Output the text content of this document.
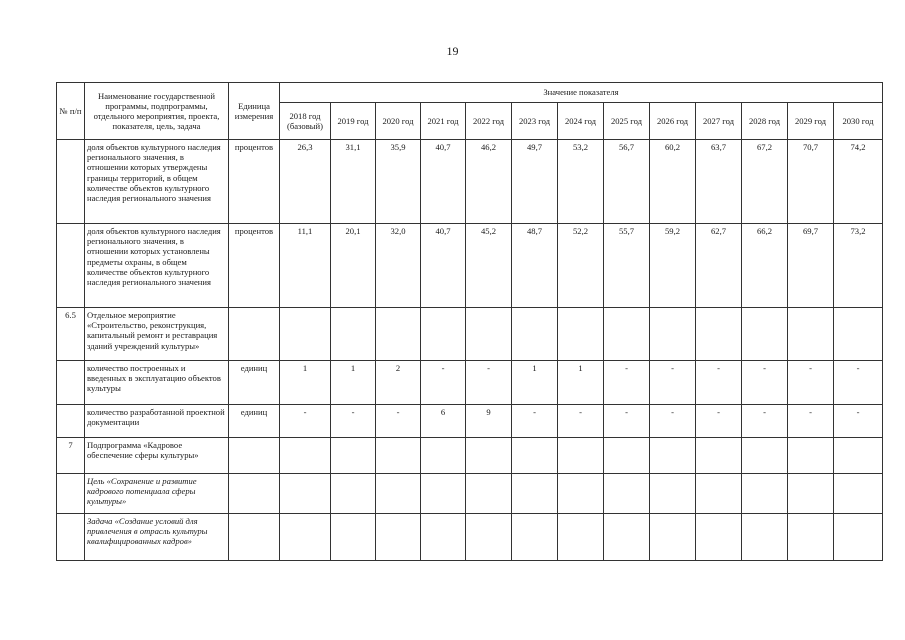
19
№ п/п	Наименование государственной программы, подпрограммы, отдельного мероприятия, проекта, показателя, цель, задача	Единица измерения	Значение показателя												
			2018 год (базовый)	2019 год	2020 год	2021 год	2022 год	2023 год	2024 год	2025 год	2026 год	2027 год	2028 год	2029 год	2030 год
	доля объектов культурного наследия регионального значения, в отношении которых утверждены границы территорий, в общем количестве объектов культурного наследия регионального значения	процентов	26,3	31,1	35,9	40,7	46,2	49,7	53,2	56,7	60,2	63,7	67,2	70,7	74,2
	доля объектов культурного наследия регионального значения, в отношении которых установлены предметы охраны, в общем количестве объектов культурного наследия регионального значения	процентов	11,1	20,1	32,0	40,7	45,2	48,7	52,2	55,7	59,2	62,7	66,2	69,7	73,2
6.5	Отдельное мероприятие «Строительство, реконструкция, капитальный ремонт и реставрация зданий учреждений культуры»														
	количество построенных и введенных в эксплуатацию объектов культуры	единиц	1	1	2	-	-	1	1	-	-	-	-	-	-
	количество разработанной проектной документации	единиц	-	-	-	6	9	-	-	-	-	-	-	-	-
7	Подпрограмма «Кадровое обеспечение сферы культуры»														
	Цель «Сохранение и развитие кадрового потенциала сферы культуры»														
	Задача «Создание условий для привлечения в отрасль культуры квалифицированных кадров»														
